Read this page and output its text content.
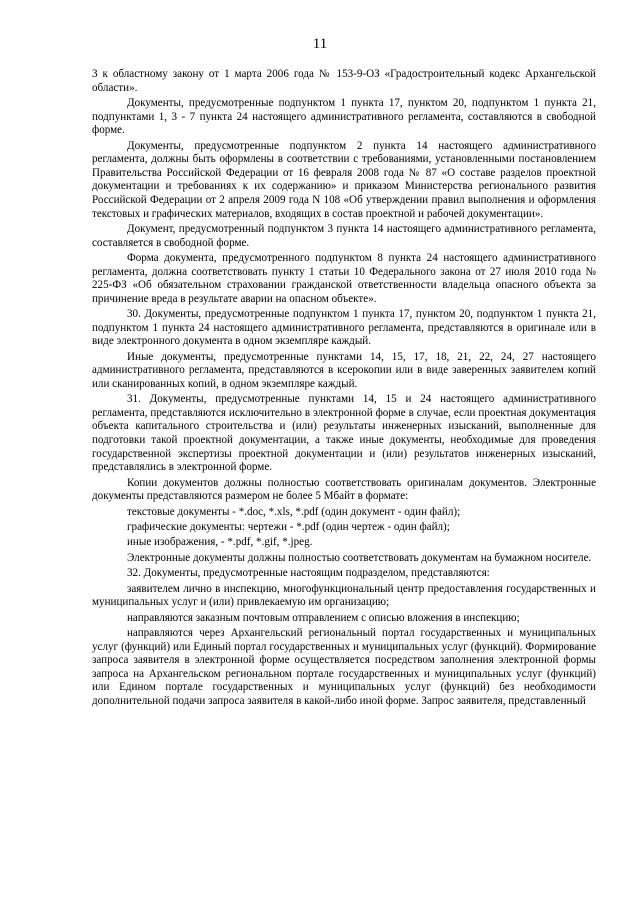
11

3 к областному закону от 1 марта 2006 года № 153-9-ОЗ «Градостроительный кодекс Архангельской области».

Документы, предусмотренные подпунктом 1 пункта 17, пунктом 20, подпунктом 1 пункта 21, подпунктами 1, 3 - 7 пункта 24 настоящего административного регламента, составляются в свободной форме.

Документы, предусмотренные подпунктом 2 пункта 14 настоящего административного регламента, должны быть оформлены в соответствии с требованиями, установленными постановлением Правительства Российской Федерации от 16 февраля 2008 года № 87 «О составе разделов проектной документации и требованиях к их содержанию» и приказом Министерства регионального развития Российской Федерации от 2 апреля 2009 года N 108 «Об утверждении правил выполнения и оформления текстовых и графических материалов, входящих в состав проектной и рабочей документации».

Документ, предусмотренный подпунктом 3 пункта 14 настоящего административного регламента, составляется в свободной форме.

Форма документа, предусмотренного подпунктом 8 пункта 24 настоящего административного регламента, должна соответствовать пункту 1 статьи 10 Федерального закона от 27 июля 2010 года № 225-ФЗ «Об обязательном страховании гражданской ответственности владельца опасного объекта за причинение вреда в результате аварии на опасном объекте».

30. Документы, предусмотренные подпунктом 1 пункта 17, пунктом 20, подпунктом 1 пункта 21, подпунктом 1 пункта 24 настоящего административного регламента, представляются в оригинале или в виде электронного документа в одном экземпляре каждый.

Иные документы, предусмотренные пунктами 14, 15, 17, 18, 21, 22, 24, 27 настоящего административного регламента, представляются в ксерокопии или в виде заверенных заявителем копий или сканированных копий, в одном экземпляре каждый.

31. Документы, предусмотренные пунктами 14, 15 и 24 настоящего административного регламента, представляются исключительно в электронной форме в случае, если проектная документация объекта капитального строительства и (или) результаты инженерных изысканий, выполненные для подготовки такой проектной документации, а также иные документы, необходимые для проведения государственной экспертизы проектной документации и (или) результатов инженерных изысканий, представлялись в электронной форме.

Копии документов должны полностью соответствовать оригиналам документов. Электронные документы представляются размером не более 5 Мбайт в формате:

текстовые документы - *.doc, *.xls, *.pdf (один документ - один файл);

графические документы: чертежи - *.pdf (один чертеж - один файл);

иные изображения, - *.pdf, *.gif, *.jpeg.

Электронные документы должны полностью соответствовать документам на бумажном носителе.

32. Документы, предусмотренные настоящим подразделом, представляются:

заявителем лично в инспекцию, многофункциональный центр предоставления государственных и муниципальных услуг и (или) привлекаемую им организацию;

направляются заказным почтовым отправлением с описью вложения в инспекцию;

направляются через Архангельский региональный портал государственных и муниципальных услуг (функций) или Единый портал государственных и муниципальных услуг (функций). Формирование запроса заявителя в электронной форме осуществляется посредством заполнения электронной формы запроса на Архангельском региональном портале государственных и муниципальных услуг (функций) или Едином портале государственных и муниципальных услуг (функций) без необходимости дополнительной подачи запроса заявителя в какой-либо иной форме. Запрос заявителя, представленный
